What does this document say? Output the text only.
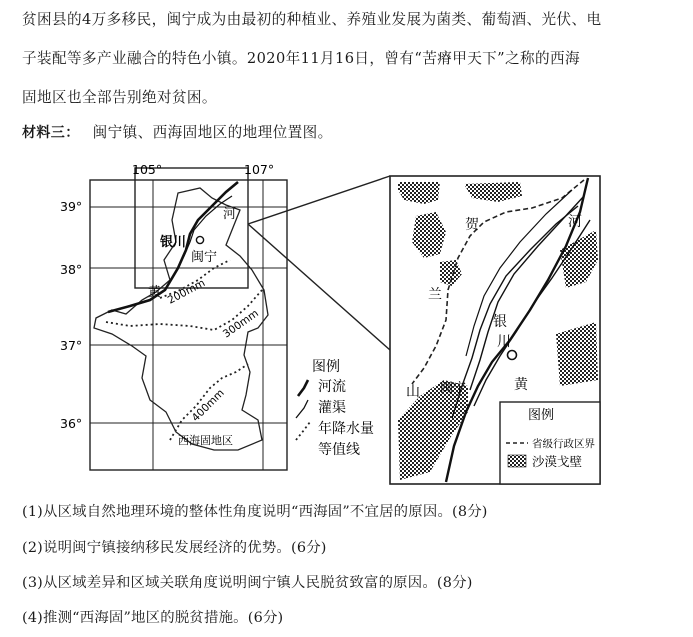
贫困县的4万多移民，闽宁成为由最初的种植业、养殖业发展为菌类、葡萄酒、光伏、电
子装配等多产业融合的特色小镇。2020年11月16日，曾有“苦瘠甲天下”之称的西海
固地区也全部告别绝对贫困。
材料三： 闽宁镇、西海固地区的地理位置图。
105°	107°
39°
38°
37°
36°
河
银川
闽宁
黄 200mm
300mm
400mm
西海固地区
图例
河流
灌渠
年降水量
等值线
贺
兰
山
河
黄
银
川
闽宁
图例
省级行政区界
沙漠戈壁
(1)从区域自然地理环境的整体性角度说明“西海固”不宜居的原因。(8分)
(2)说明闽宁镇接纳移民发展经济的优势。(6分)
(3)从区域差异和区域关联角度说明闽宁镇人民脱贫致富的原因。(8分)
(4)推测“西海固”地区的脱贫措施。(6分)
